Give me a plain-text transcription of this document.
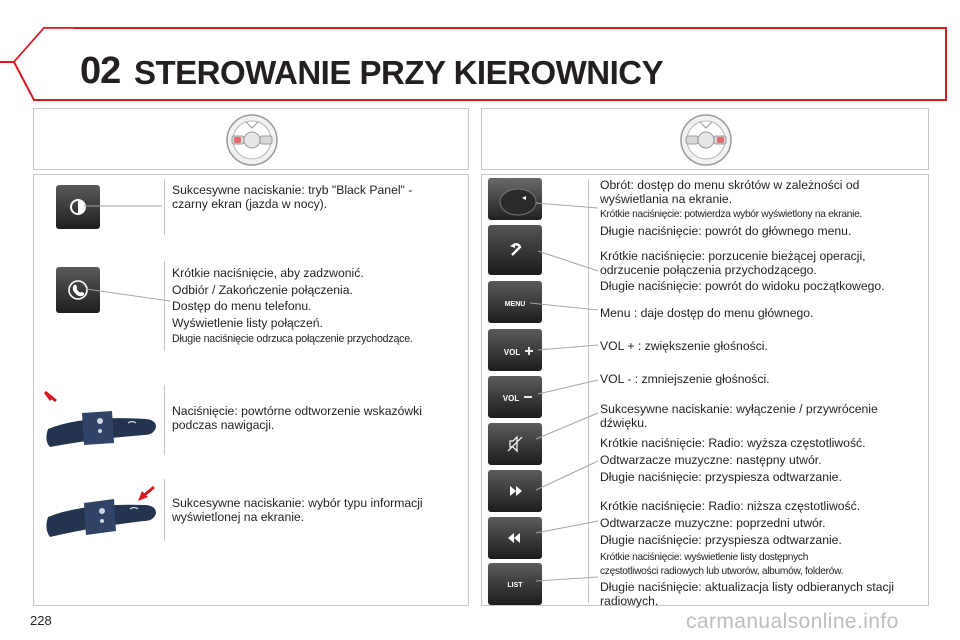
02 STEROWANIE PRZY KIEROWNICY
Sukcesywne naciskanie: tryb "Black Panel" -
czarny ekran (jazda w nocy).
Krótkie naciśnięcie, aby zadzwonić.
Odbiór / Zakończenie połączenia.
Dostęp do menu telefonu.
Wyświetlenie listy połączeń.
Długie naciśnięcie odrzuca połączenie przychodzące.
Naciśnięcie: powtórne odtworzenie wskazówki
podczas nawigacji.
Sukcesywne naciskanie: wybór typu informacji
wyświetlonej na ekranie.
MENU
VOL
VOL
LIST
Obrót: dostęp do menu skrótów w zależności od
wyświetlania na ekranie.
Krótkie naciśnięcie: potwierdza wybór wyświetlony na ekranie.
Długie naciśnięcie: powrót do głównego menu.
Krótkie naciśnięcie: porzucenie bieżącej operacji,
odrzucenie połączenia przychodzącego.
Długie naciśnięcie: powrót do widoku początkowego.
Menu : daje dostęp do menu głównego.
VOL + : zwiększenie głośności.
VOL - : zmniejszenie głośności.
Sukcesywne naciskanie: wyłączenie / przywrócenie
dźwięku.
Krótkie naciśnięcie: Radio: wyższa częstotliwość.
Odtwarzacze muzyczne: następny utwór.
Długie naciśnięcie: przyspiesza odtwarzanie.
Krótkie naciśnięcie: Radio: niższa częstotliwość.
Odtwarzacze muzyczne: poprzedni utwór.
Długie naciśnięcie: przyspiesza odtwarzanie.
Krótkie naciśnięcie: wyświetlenie listy dostępnych
częstotliwości radiowych lub utworów, albumów, folderów.
Długie naciśnięcie: aktualizacja listy odbieranych stacji
radiowych.
228	carmanualsonline.info
